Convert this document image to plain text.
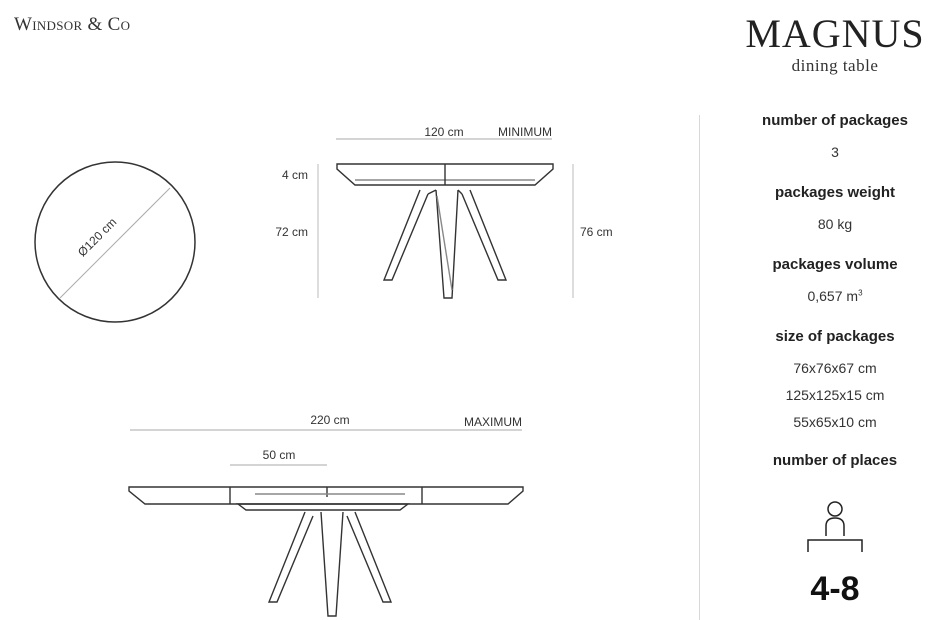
Windsor & Co	MAGNUS
dining table
Ø120 cm
120 cm	MINIMUM
4 cm
72 cm	76 cm
220 cm	MAXIMUM
50 cm
number of packages
3
packages weight
80 kg
packages volume
0,657 $m^3$
size of packages
76x76x67 cm
125x125x15 cm
55x65x10 cm
number of places
4-8
